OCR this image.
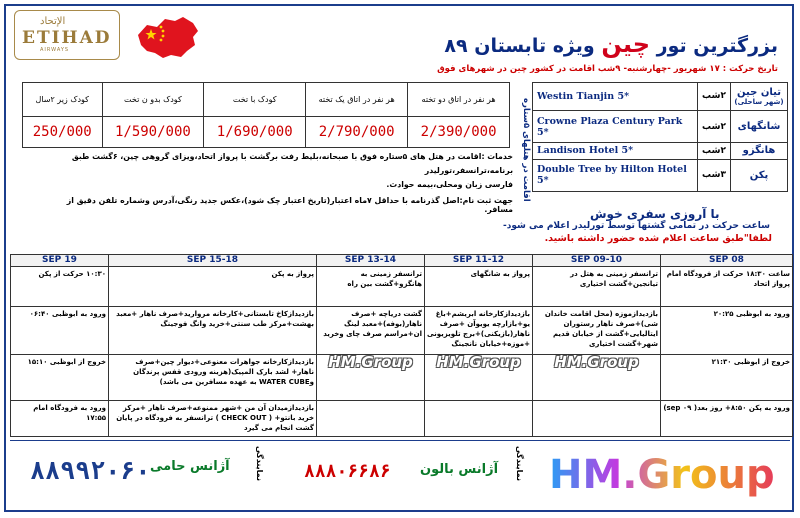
الإتحاد
ETIHAD
AIRWAYS	بزرگترین تور چین ویژه تابستان ۸۹
تاریخ حرکت : ۱۷ شهریور -چهارشنبه- ۹شب اقامت در کشور چین در شهرهای فوق
کودک زیر ۲سال	کودک بدو ن تخت	کودک با تخت	هر نفر در اتاق یک تخته	هر نفر در اتاق دو تخته
250/000	1/590/000	1/690/000	2/790/000	2/390/000
اقامت در هتلهای ۵ستاره
Westin Tianjin 5*	۲شب	تیان جین
(شهر ساحلی)

Crowne Plaza Century Park 5*	۲شب	شانگهای
Landison Hotel 5*	۲شب	هانگزو
Double Tree by Hilton Hotel 5*	۳شب	پکن
خدمات :اقامت در هتل های ۵ستاره فوق با صبحانه،بلیط رفت برگشت با پرواز اتحاد،ویزای گروهی چین، ۶گشت طبق برنامه،ترانسفر،تورلیدر
فارسی زبان ومحلی،بیمه حوادث.
جهت ثبت نام:اصل گذرنامه با حداقل ۷ماه اعتبار(تاریخ اعتبار چک شود)،عکس جدید رنگی،آدرس وشماره تلفن دقیق از مسافر.	با آروزی سفری خوش
ساعت حرکت در تمامی گشتها توسط تورلیدر اعلام می شود-
لطفا"طبق ساعت اعلام شده حضور داشته باشید.
19 SEP	15-18 SEP	13-14 SEP	11-12 SEP	09-10 SEP	08 SEP
۱۰:۳۰ حرکت از پکن	پرواز به پکن	ترانسفر زمینی به هانگزو+گشت بین راه	پرواز به شانگهای	ترانسفر زمینی به هتل در تیانجین+گشت اختیاری	ساعت ۱۸:۳۰ حرکت از فرودگاه امام پرواز اتحاد
ورود به ابوظبی ۰۶:۴۰	بازدیدازکاخ تابستانی+کارخانه مروارید+صرف ناهار +معبد بهشت+مرکز طب سنتی+خرید وانگ فوجینگ	گشت دریاچه +صرف ناهار(بوفه)+معبد لینگ ان+مراسم صرف چای وخرید	بازدیدازکارخانه ابریشم+باغ یو+بازارچه یویوآن +صرف ناهار(بازیکنی)+برج تلویزیونی +موزه+خیابان نانجینگ	بازدیدازموزه (محل اقامت خاندان شی)+صرف ناهار رستوران ایتالیایی+گشت از خیابان قدیم شهر+گشت اختیاری	ورود به ابوظبی ۲۰:۲۵
خروج از ابوظبی ۱۵:۱۰	بازدیدازکارخانه جواهرات معنوعی+دیوار چین+صرف ناهار+ لشد بارک المپیک(هزینه ورودی قفس پرندگان وWATER CUBE به عهده مسافرین می باشد)	HM.Group	HM.Group	HM.Group	خروج از ابوظبی ۲۱:۳۰
ورود به فرودگاه امام ۱۷:۵۵	بازدیدازمیدان آن من +شهر ممنوعه+صرف ناهار +مرکز خرید بانتو+ ( CHECK OUT ) ترانسفر به فرودگاه در پایان گشت انجام می گیرد				ورود به پکن ۸:۵۰+ روز بعد( ۰۹ sep)
۸۸۹۹۲۰۶۰ آژانس حامی	نمایندگی ۸۸۸۰۶۶۸۶ آژانس بالون	نمایندگی HM.Group
